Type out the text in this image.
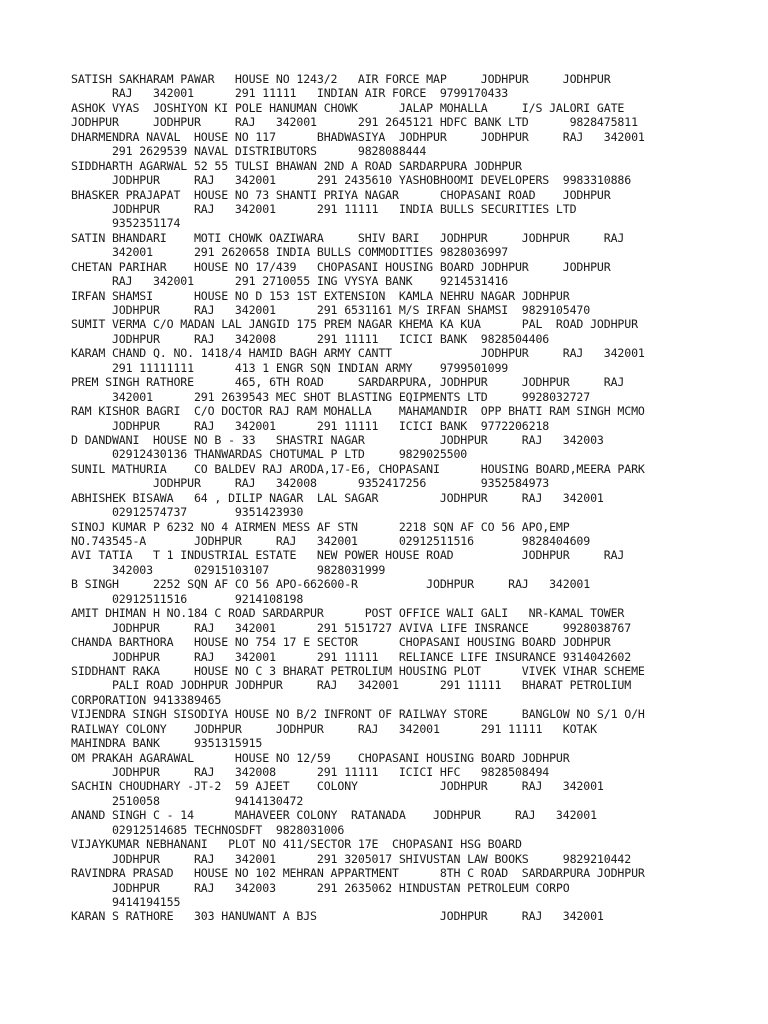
SATISH SAKHARAM PAWAR   HOUSE NO 1243/2   AIR FORCE MAP     JODHPUR     JODHPUR
RAJ   342001      291 11111   INDIAN AIR FORCE  9799170433
ASHOK VYAS  JOSHIYON KI POLE HANUMAN CHOWK      JALAP MOHALLA     I/S JALORI GATE
JODHPUR     JODHPUR     RAJ   342001      291 2645121 HDFC BANK LTD      9828475811
DHARMENDRA NAVAL  HOUSE NO 117      BHADWASIYA  JODHPUR     JODHPUR     RAJ   342001
291 2629539 NAVAL DISTRIBUTORS      9828088444
SIDDHARTH AGARWAL 52 55 TULSI BHAWAN 2ND A ROAD SARDARPURA JODHPUR
JODHPUR     RAJ   342001      291 2435610 YASHOBHOOMI DEVELOPERS  9983310886
BHASKER PRAJAPAT  HOUSE NO 73 SHANTI PRIYA NAGAR      CHOPASANI ROAD    JODHPUR
JODHPUR     RAJ   342001      291 11111   INDIA BULLS SECURITIES LTD
9352351174
SATIN BHANDARI    MOTI CHOWK OAZIWARA     SHIV BARI   JODHPUR     JODHPUR     RAJ
342001      291 2620658 INDIA BULLS COMMODITIES 9828036997
CHETAN PARIHAR    HOUSE NO 17/439   CHOPASANI HOUSING BOARD JODHPUR     JODHPUR
RAJ   342001      291 2710055 ING VYSYA BANK    9214531416
IRFAN SHAMSI      HOUSE NO D 153 1ST EXTENSION  KAMLA NEHRU NAGAR JODHPUR
JODHPUR     RAJ   342001      291 6531161 M/S IRFAN SHAMSI  9829105470
SUMIT VERMA C/O MADAN LAL JANGID 175 PREM NAGAR KHEMA KA KUA      PAL  ROAD JODHPUR
JODHPUR     RAJ   342008      291 11111   ICICI BANK  9828504406
KARAM CHAND Q. NO. 1418/4 HAMID BAGH ARMY CANTT             JODHPUR     RAJ   342001
291 11111111      413 1 ENGR SQN INDIAN ARMY    9799501099
PREM SINGH RATHORE      465, 6TH ROAD     SARDARPURA, JODHPUR     JODHPUR     RAJ
342001      291 2639543 MEC SHOT BLASTING EQIPMENTS LTD     9928032727
RAM KISHOR BAGRI  C/O DOCTOR RAJ RAM MOHALLA    MAHAMANDIR  OPP BHATI RAM SINGH MCMO
JODHPUR     RAJ   342001      291 11111   ICICI BANK  9772206218
D DANDWANI  HOUSE NO B - 33   SHASTRI NAGAR           JODHPUR     RAJ   342003
02912430136 THANWARDAS CHOTUMAL P LTD     9829025500
SUNIL MATHURIA    CO BALDEV RAJ ARODA,17-E6, CHOPASANI      HOUSING BOARD,MEERA PARK
JODHPUR     RAJ   342008      9352417256        9352584973
ABHISHEK BISAWA   64 , DILIP NAGAR  LAL SAGAR         JODHPUR     RAJ   342001
02912574737       9351423930
SINOJ KUMAR P 6232 NO 4 AIRMEN MESS AF STN      2218 SQN AF CO 56 APO,EMP
NO.743545-A       JODHPUR     RAJ   342001      02912511516       9828404609
AVI TATIA   T 1 INDUSTRIAL ESTATE   NEW POWER HOUSE ROAD          JODHPUR     RAJ
342003      02915103107       9828031999
B SINGH     2252 SQN AF CO 56 APO-662600-R          JODHPUR     RAJ   342001
02912511516       9214108198
AMIT DHIMAN H NO.184 C ROAD SARDARPUR      POST OFFICE WALI GALI   NR-KAMAL TOWER
JODHPUR     RAJ   342001      291 5151727 AVIVA LIFE INSRANCE     9928038767
CHANDA BARTHORA   HOUSE NO 754 17 E SECTOR      CHOPASANI HOUSING BOARD JODHPUR
JODHPUR     RAJ   342001      291 11111   RELIANCE LIFE INSURANCE 9314042602
SIDDHANT RAKA     HOUSE NO C 3 BHARAT PETROLIUM HOUSING PLOT      VIVEK VIHAR SCHEME
PALI ROAD JODHPUR JODHPUR     RAJ   342001      291 11111   BHARAT PETROLIUM
CORPORATION 9413389465
VIJENDRA SINGH SISODIYA HOUSE NO B/2 INFRONT OF RAILWAY STORE     BANGLOW NO S/1 O/H
RAILWAY COLONY    JODHPUR     JODHPUR     RAJ   342001      291 11111   KOTAK
MAHINDRA BANK     9351315915
OM PRAKAH AGARAWAL      HOUSE NO 12/59    CHOPASANI HOUSING BOARD JODHPUR
JODHPUR     RAJ   342008      291 11111   ICICI HFC   9828508494
SACHIN CHOUDHARY -JT-2  59 AJEET    COLONY            JODHPUR     RAJ   342001
2510058           9414130472
ANAND SINGH C - 14      MAHAVEER COLONY  RATANADA    JODHPUR     RAJ   342001
02912514685 TECHNOSDFT  9828031006
VIJAYKUMAR NEBHANANI   PLOT NO 411/SECTOR 17E  CHOPASANI HSG BOARD
JODHPUR     RAJ   342001      291 3205017 SHIVUSTAN LAW BOOKS     9829210442
RAVINDRA PRASAD   HOUSE NO 102 MEHRAN APPARTMENT      8TH C ROAD  SARDARPURA JODHPUR
JODHPUR     RAJ   342003      291 2635062 HINDUSTAN PETROLEUM CORPO
9414194155
KARAN S RATHORE   303 HANUWANT A BJS                  JODHPUR     RAJ   342001
